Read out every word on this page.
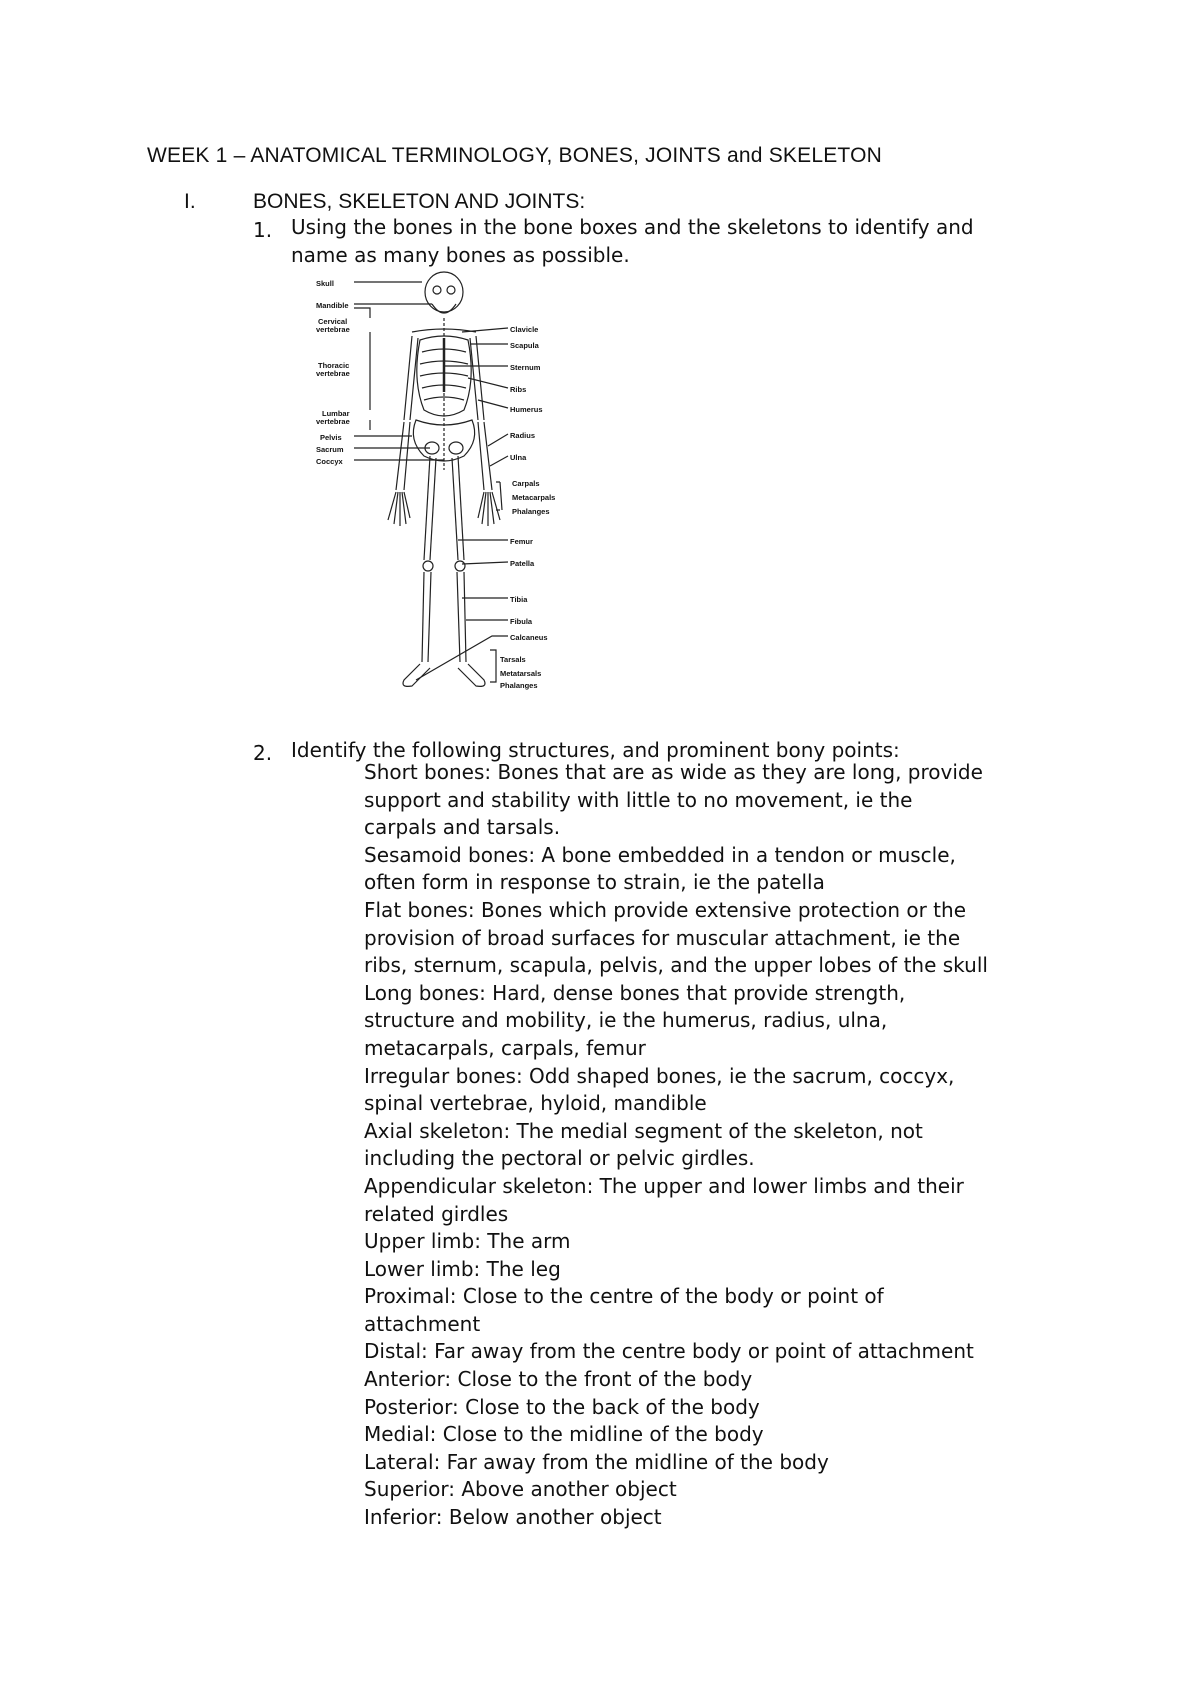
WEEK 1 – ANATOMICAL TERMINOLOGY, BONES, JOINTS and SKELETON
I.	BONES, SKELETON AND JOINTS:
1. Using the bones in the bone boxes and the skeletons to identify and
name as many bones as possible.
Skull
Mandible
Cervical
vertebrae
Thoracic
vertebrae
Lumbar
vertebrae
Pelvis
Sacrum
Coccyx
Clavicle
Scapula
Sternum
Ribs
Humerus
Radius
Ulna
Carpals
Metacarpals
Phalanges
Femur
Patella
Tibia
Fibula
Calcaneus
Tarsals
Metatarsals
Phalanges
2. Identify the following structures, and prominent bony points:
Short bones: Bones that are as wide as they are long, provide
support and stability with little to no movement, ie the
carpals and tarsals.
Sesamoid bones: A bone embedded in a tendon or muscle,
often form in response to strain, ie the patella
Flat bones: Bones which provide extensive protection or the
provision of broad surfaces for muscular attachment, ie the
ribs, sternum, scapula, pelvis, and the upper lobes of the skull
Long bones: Hard, dense bones that provide strength,
structure and mobility, ie the humerus, radius, ulna,
metacarpals, carpals, femur
Irregular bones: Odd shaped bones, ie the sacrum, coccyx,
spinal vertebrae, hyloid, mandible
Axial skeleton: The medial segment of the skeleton, not
including the pectoral or pelvic girdles.
Appendicular skeleton: The upper and lower limbs and their
related girdles
Upper limb: The arm
Lower limb: The leg
Proximal: Close to the centre of the body or point of
attachment
Distal: Far away from the centre body or point of attachment
Anterior: Close to the front of the body
Posterior: Close to the back of the body
Medial: Close to the midline of the body
Lateral: Far away from the midline of the body
Superior: Above another object
Inferior: Below another object
